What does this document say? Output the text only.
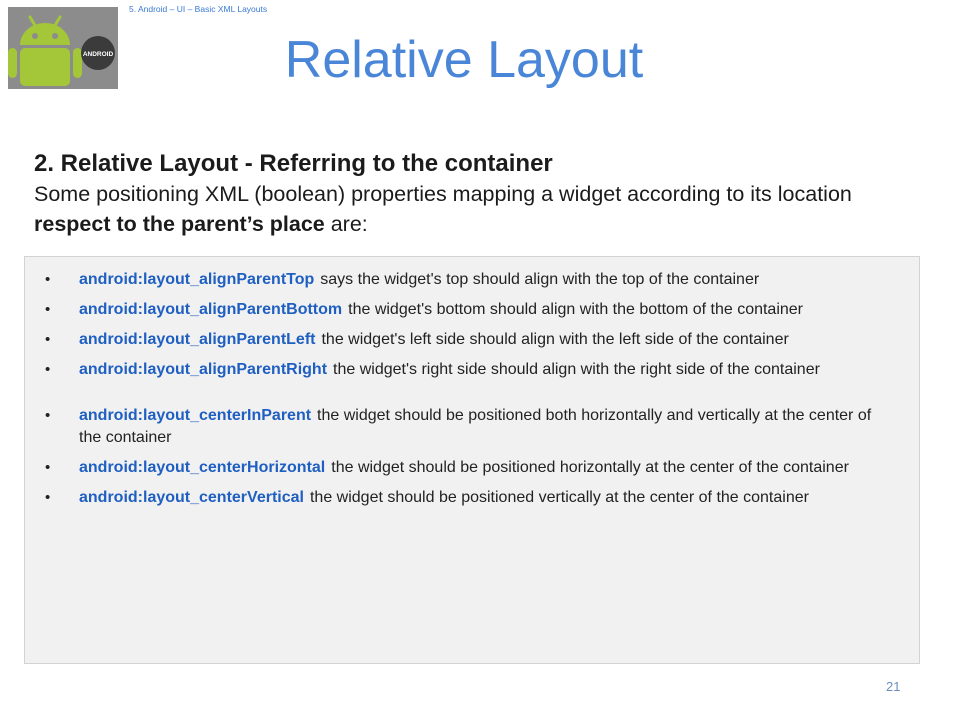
ANDROID
5. Android – UI – Basic XML Layouts
Relative Layout
2. Relative Layout - Referring to the container
Some positioning XML (boolean) properties mapping a widget according to its location respect to the parent’s place are:
• android:layout_alignParentTop says the widget's top should align with the top of the container
• android:layout_alignParentBottom the widget's bottom should align with the bottom of the container
• android:layout_alignParentLeft the widget's left side should align with the left side of the container
• android:layout_alignParentRight the widget's right side should align with the right side of the container
• android:layout_centerInParent the widget should be positioned both horizontally and vertically at the center of the container
• android:layout_centerHorizontal the widget should be positioned horizontally at the center of the container
• android:layout_centerVertical the widget should be positioned vertically at the center of the container
21
